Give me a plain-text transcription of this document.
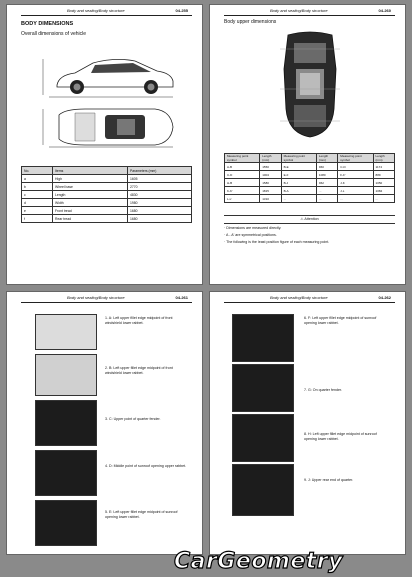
Body and sealing/Body structure	04-255
BODY DIMENSIONS
Overall dimensions of vehicle
No.	Items	Parameters (mm)
a	High	1605
b	Wheel base	2770
c	Length	4830
d	Width	1980
e	Front tread	1680
f	Rear tread	1680
Body and sealing/Body structure	04-260
Body upper dimensions
Measuring point symbol	Length (mm)	Measuring point symbol	Length (mm)	Measuring point symbol	Length (mm)
A-B	1550	B-E	960	C-D	1174
C-D	1004	E-F	1080	F-F'	889
H-B	1580	B-J	962	J-K	1050
K-K'	1815	B-A	...	J-L	1084
L-L'	1310	...	...	...	...
⚠ Attention
· Dimensions are measured directly.
· A - A' are symmetrical positions.
· The following is the least position figure of each measuring point.
Body and sealing/Body structure	04-261
1. A: Left upper fillet edge midpoint of front windshield lower rabbet.
2. B: Left upper fillet edge midpoint of front windshield lower rabbet.
3. C: Upper point of quarter fender.
4. D: Middle point of sunroof opening upper rabbet.
5. E: Left upper fillet edge midpoint of sunroof opening lower rabbet.
Body and sealing/Body structure	04-262
6. F: Left upper fillet edge midpoint of sunroof opening lower rabbet.
7. G: On quarter fender.
8. H: Left upper fillet edge midpoint of sunroof opening lower rabbet.
9. J: Upper rear end of quarter.
CarGeometry
